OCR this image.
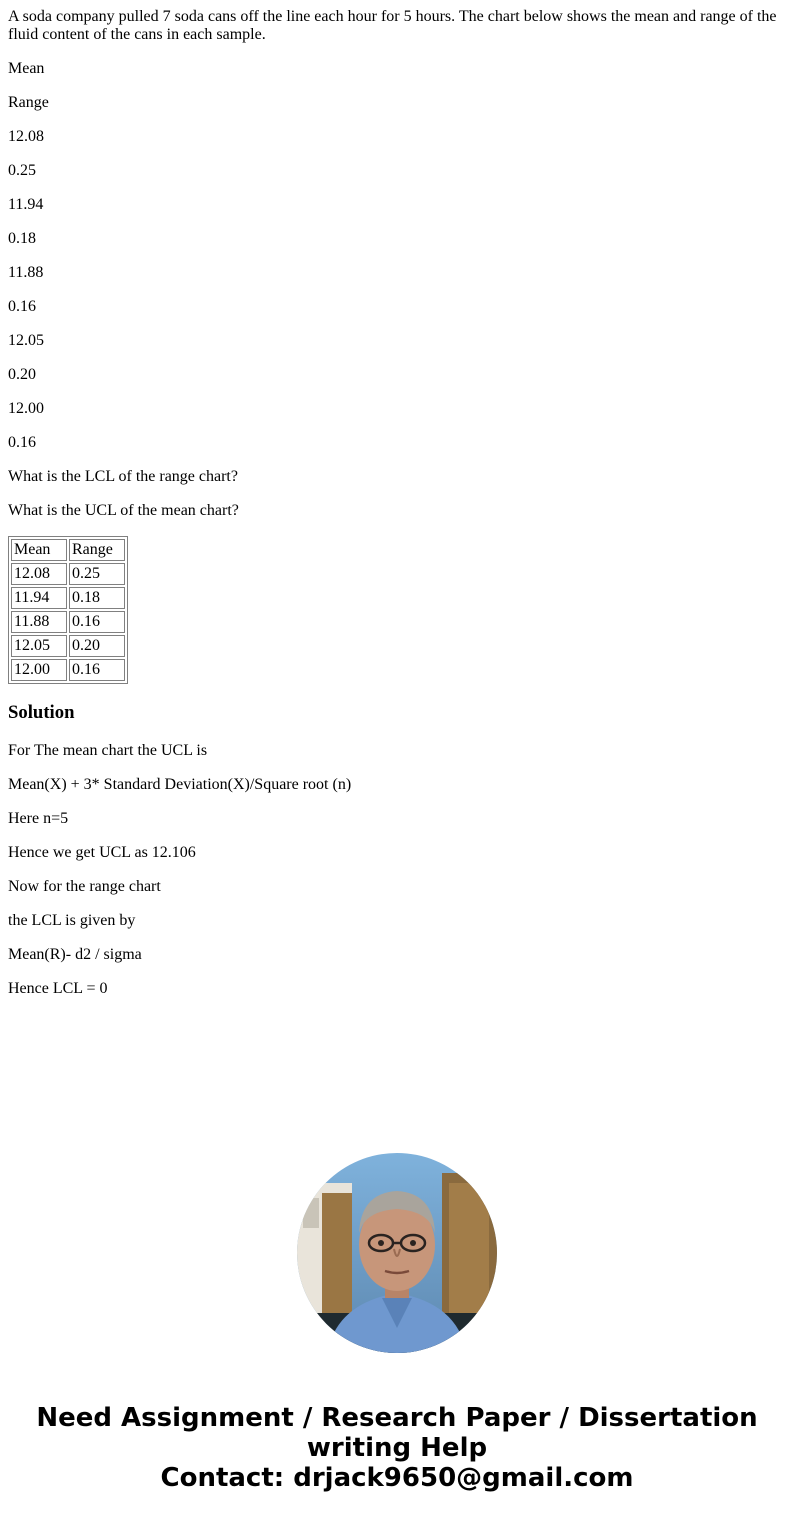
A soda company pulled 7 soda cans off the line each hour for 5 hours. The chart below shows the mean and range of the fluid content of the cans in each sample.

Mean

Range

12.08

0.25

11.94

0.18

11.88

0.16

12.05

0.20

12.00

0.16

What is the LCL of the range chart?

What is the UCL of the mean chart?

Mean	Range
12.08	0.25
11.94	0.18
11.88	0.16
12.05	0.20
12.00	0.16
Solution

For The mean chart the UCL is

Mean(X) + 3* Standard Deviation(X)/Square root (n)

Here n=5

Hence we get UCL as 12.106

Now for the range chart

the LCL is given by

Mean(R)- d2 / sigma

Hence LCL = 0

Need Assignment / Research Paper / Dissertation
writing Help
Contact: drjack9650@gmail.com
